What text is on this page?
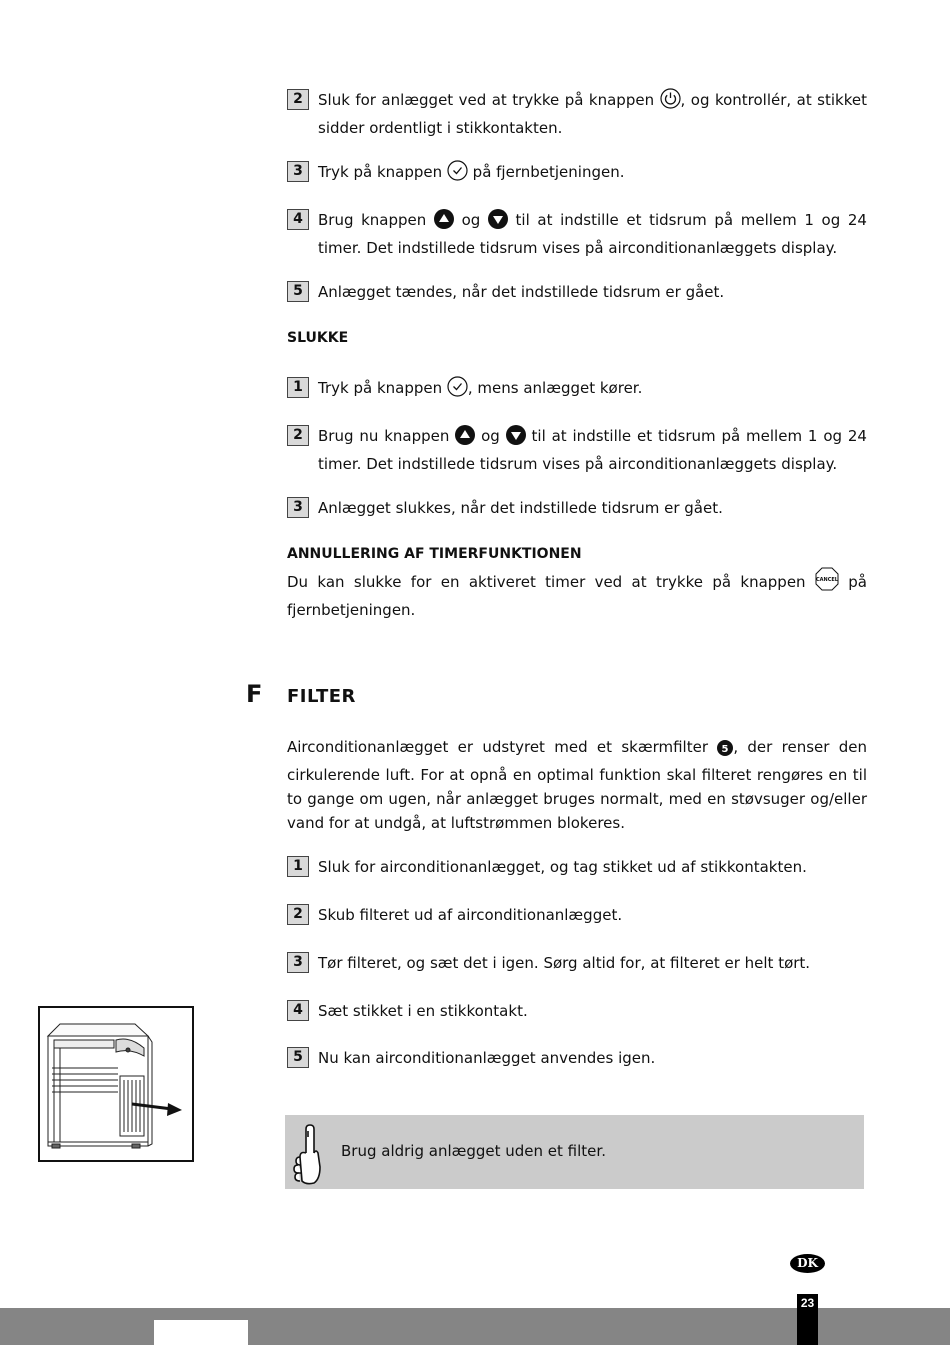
2	Sluk for anlægget ved at trykke på knappen , og kontrollér, at stikket sidder ordentligt i stikkontakten.
3	Tryk på knappen på fjernbetjeningen.
4	Brug knappen og til at indstille et tidsrum på mellem 1 og 24 timer. Det indstillede tidsrum vises på airconditionanlæggets display.
5	Anlægget tændes, når det indstillede tidsrum er gået.
SLUKKE
1	Tryk på knappen , mens anlægget kører.
2	Brug nu knappen og til at indstille et tidsrum på mellem 1 og 24 timer. Det indstillede tidsrum vises på airconditionanlæggets display.
3	Anlægget slukkes, når det indstillede tidsrum er gået.
ANNULLERING AF TIMERFUNKTIONEN
Du kan slukke for en aktiveret timer ved at trykke på knappen CANCEL på fjernbetjeningen.
F FILTER
Airconditionanlægget er udstyret med et skærmfilter 5 , der renser den cirkulerende luft. For at opnå en optimal funktion skal filteret rengøres en til to gange om ugen, når anlægget bruges normalt, med en støvsuger og/eller vand for at undgå, at luftstrømmen blokeres.
1	Sluk for airconditionanlægget, og tag stikket ud af stikkontakten.
2	Skub filteret ud af airconditionanlægget.
3	Tør filteret, og sæt det i igen. Sørg altid for, at filteret er helt tørt.
4	Sæt stikket i en stikkontakt.
5	Nu kan airconditionanlægget anvendes igen.
Brug aldrig anlægget uden et filter.
DK
23
